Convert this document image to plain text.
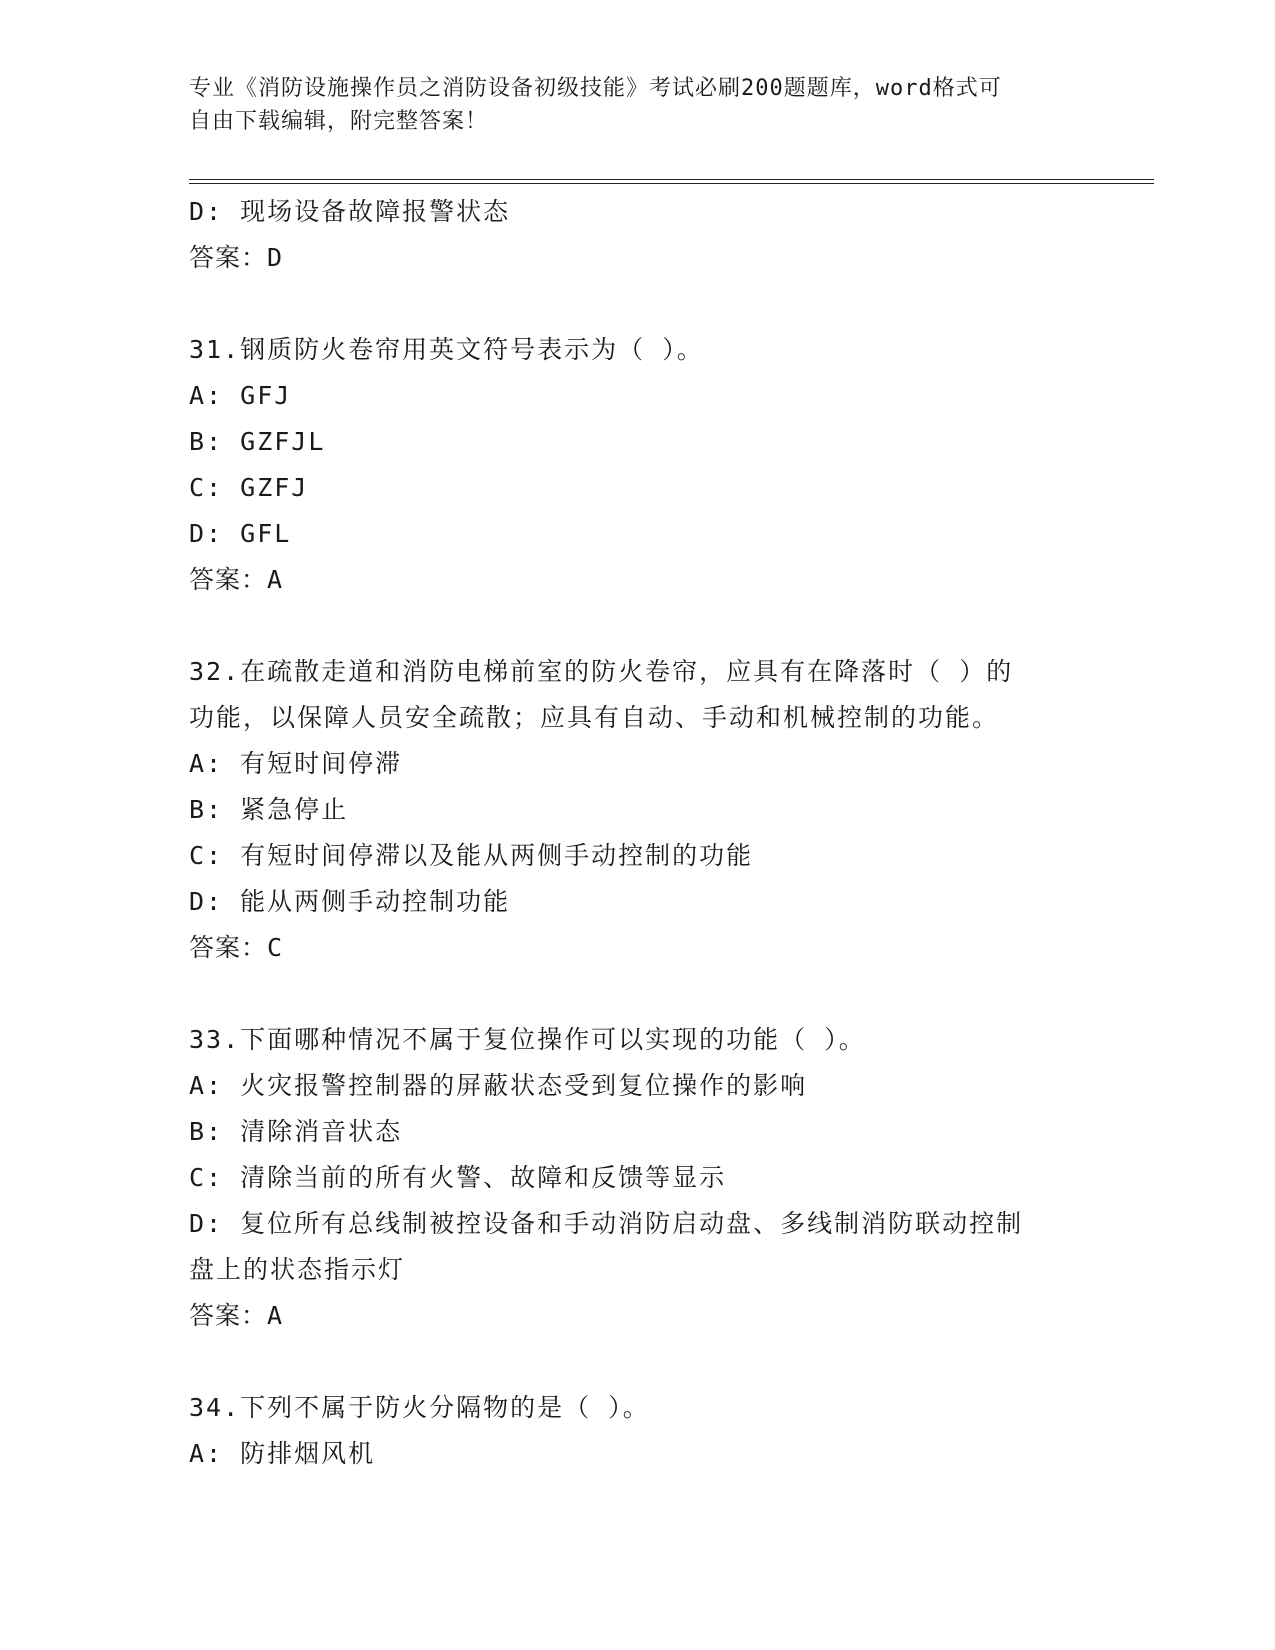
专业《消防设施操作员之消防设备初级技能》考试必刷200题题库，word格式可
自由下载编辑，附完整答案！
D: 现场设备故障报警状态
答案：D
31.钢质防火卷帘用英文符号表示为（ ）。
A: GFJ
B: GZFJL
C: GZFJ
D: GFL
答案：A
32.在疏散走道和消防电梯前室的防火卷帘，应具有在降落时（ ）的
功能，以保障人员安全疏散；应具有自动、手动和机械控制的功能。
A: 有短时间停滞
B: 紧急停止
C: 有短时间停滞以及能从两侧手动控制的功能
D: 能从两侧手动控制功能
答案：C
33.下面哪种情况不属于复位操作可以实现的功能（ ）。
A: 火灾报警控制器的屏蔽状态受到复位操作的影响
B: 清除消音状态
C: 清除当前的所有火警、故障和反馈等显示
D: 复位所有总线制被控设备和手动消防启动盘、多线制消防联动控制
盘上的状态指示灯
答案：A
34.下列不属于防火分隔物的是（ ）。
A: 防排烟风机
